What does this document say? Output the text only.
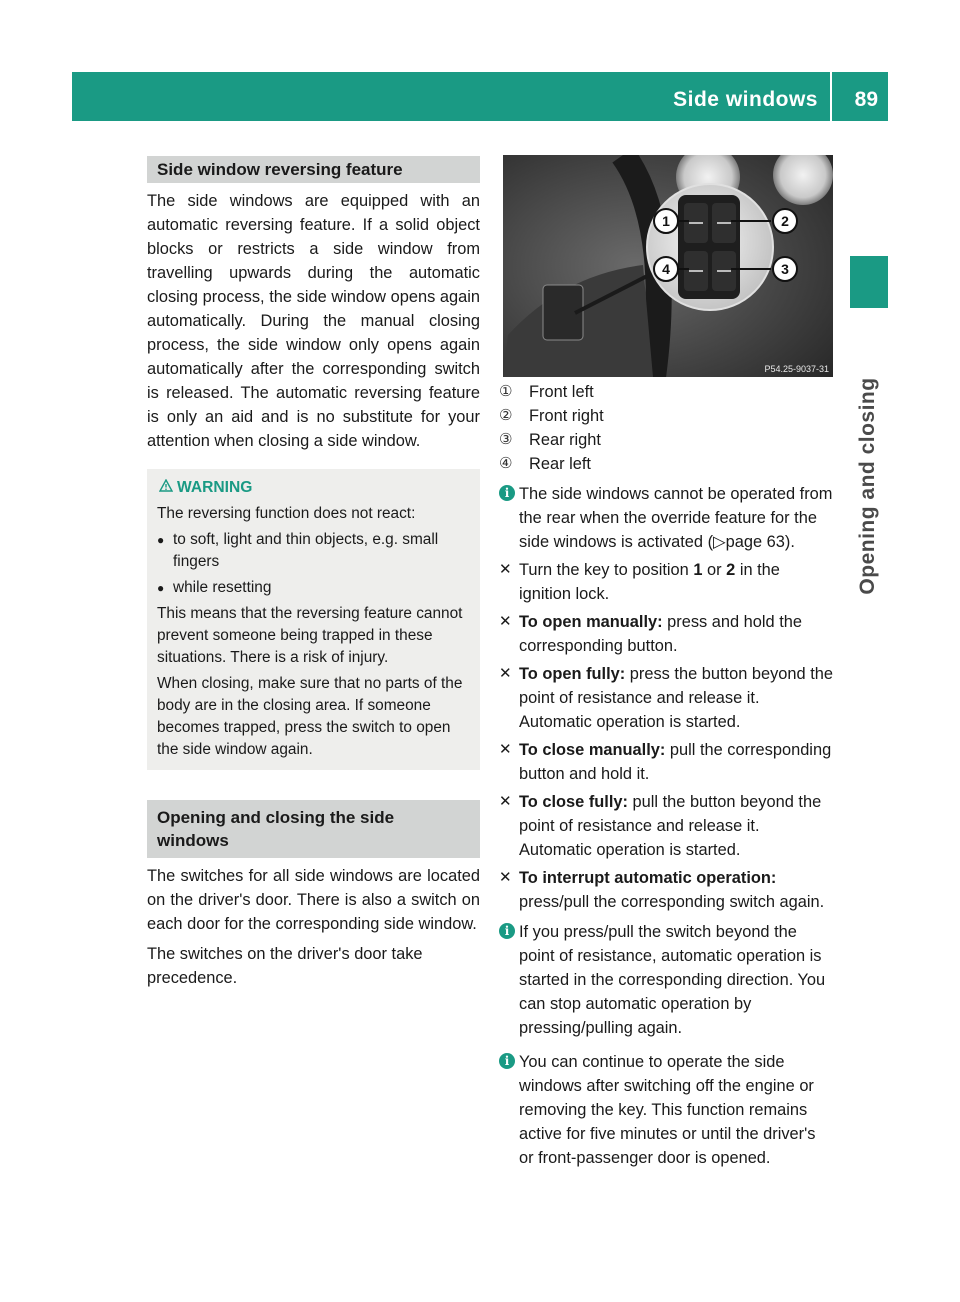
Side windows 89
Opening and closing
Side window reversing feature

The side windows are equipped with an automatic reversing feature. If a solid object blocks or restricts a side window from travelling upwards during the automatic closing process, the side window opens again automatically. During the manual closing process, the side window only opens again automatically after the corresponding switch is released. The automatic reversing feature is only an aid and is no substitute for your attention when closing a side window.

WARNING

The reversing function does not react:

● to soft, light and thin objects, e.g. small fingers
● while resetting

This means that the reversing feature cannot prevent someone being trapped in these situations. There is a risk of injury.

When closing, make sure that no parts of the body are in the closing area. If someone becomes trapped, press the switch to open the side window again.

Opening and closing the side windows

The switches for all side windows are located on the driver's door. There is also a switch on each door for the corresponding side window.

The switches on the driver's door take precedence.

1	2
3
4
P54.25-9037-31
① Front left
② Front right
③ Rear right
④ Rear left
i The side windows cannot be operated from the rear when the override feature for the side windows is activated (▷page 63).
✕ Turn the key to position 1 or 2 in the ignition lock.
✕ To open manually: press and hold the corresponding button.
✕ To open fully: press the button beyond the point of resistance and release it. Automatic operation is started.
✕ To close manually: pull the corresponding button and hold it.
✕ To close fully: pull the button beyond the point of resistance and release it. Automatic operation is started.
✕ To interrupt automatic operation: press/pull the corresponding switch again.
i If you press/pull the switch beyond the point of resistance, automatic operation is started in the corresponding direction. You can stop automatic operation by pressing/pulling again.
i You can continue to operate the side windows after switching off the engine or removing the key. This function remains active for five minutes or until the driver's or front-passenger door is opened.
